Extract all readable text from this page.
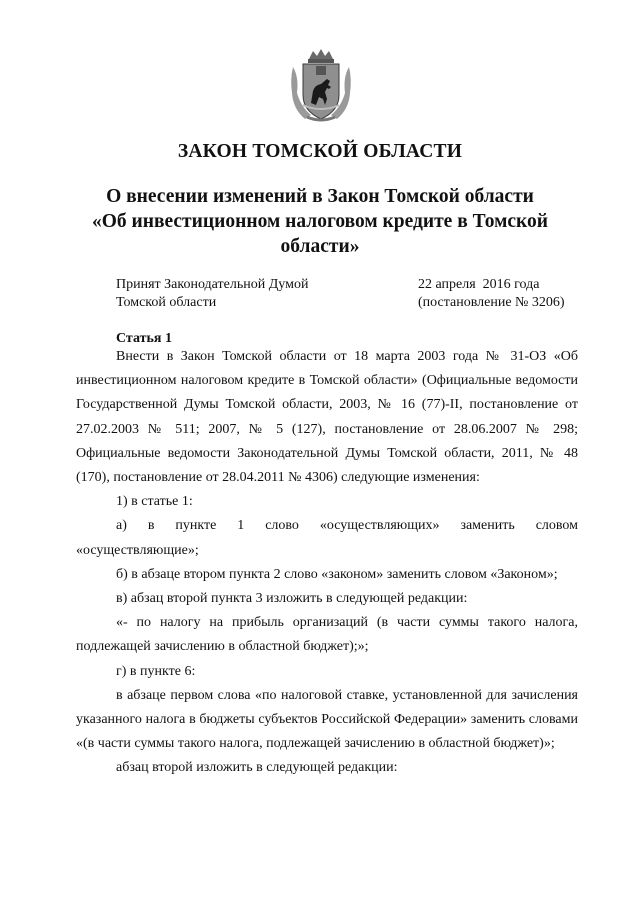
ЗАКОН ТОМСКОЙ ОБЛАСТИ
О внесении изменений в Закон Томской области
«Об инвестиционном налоговом кредите в Томской
области»
Принят Законодательной Думой
Томской области
22 апреля  2016 года
(постановление № 3206)
Статья 1

Внести в Закон Томской области от 18 марта 2003 года № 31-ОЗ «Об инвестиционном налоговом кредите в Томской области» (Официальные ведомости Государственной Думы Томской области, 2003, № 16 (77)-II, постановление от 27.02.2003 № 511; 2007, № 5 (127), постановление от 28.06.2007 № 298; Официальные ведомости Законодательной Думы Томской области, 2011, № 48 (170), постановление от 28.04.2011 № 4306) следующие изменения:

1) в статье 1:

а) в пункте 1 слово «осуществляющих» заменить словом
«осуществляющие»;

б) в абзаце втором пункта 2 слово «законом» заменить словом «Законом»;

в) абзац второй пункта 3 изложить в следующей редакции:

«- по налогу на прибыль организаций (в части суммы такого налога, подлежащей зачислению в областной бюджет);»;

г) в пункте 6:

в абзаце первом слова «по налоговой ставке, установленной для зачисления указанного налога в бюджеты субъектов Российской Федерации» заменить словами «(в части суммы такого налога, подлежащей зачислению в областной бюджет)»;

абзац второй изложить в следующей редакции:
